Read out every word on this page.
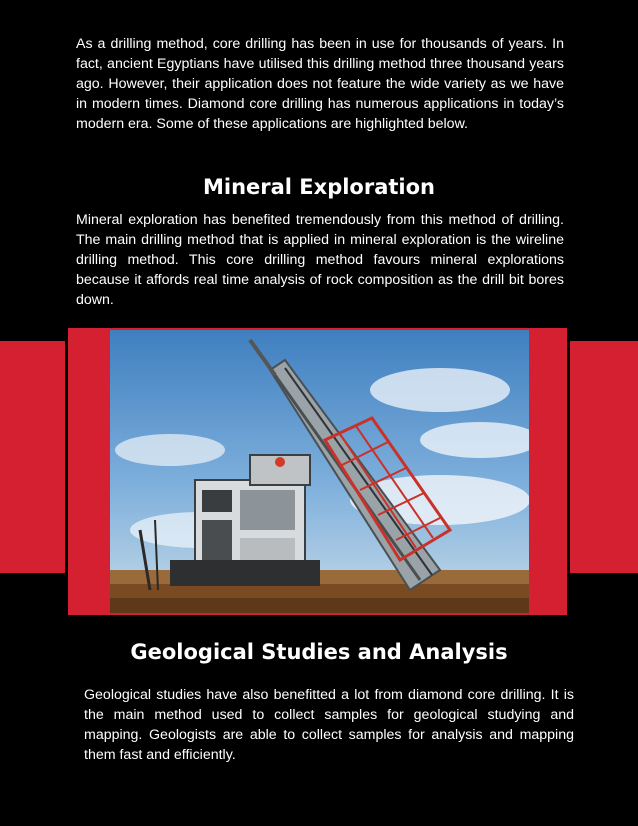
As a drilling method, core drilling has been in use for thousands of years. In fact, ancient Egyptians have utilised this drilling method three thousand years ago. However, their application does not feature the wide variety as we have in modern times. Diamond core drilling has numerous applications in today’s modern era. Some of these applications are highlighted below.

Mineral Exploration

Mineral exploration has benefited tremendously from this method of drilling. The main drilling method that is applied in mineral exploration is the wireline drilling method. This core drilling method favours mineral explorations because it affords real time analysis of rock composition as the drill bit bores down.

Geological Studies and Analysis

Geological studies have also benefitted a lot from diamond core drilling. It is the main method used to collect samples for geological studying and mapping. Geologists are able to collect samples for analysis and mapping them fast and efficiently.
